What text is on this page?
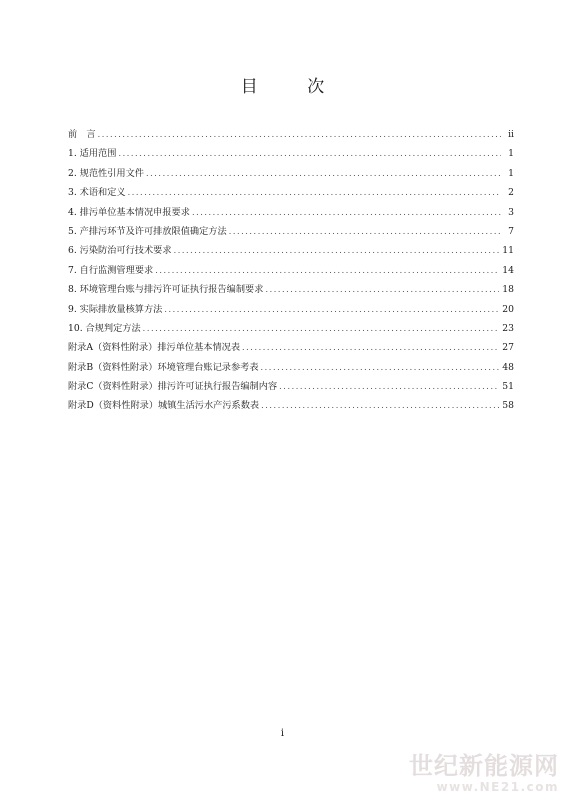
目 次
前　言 .....	ii
1. 适用范围 .....	1
2. 规范性引用文件 .....	1
3. 术语和定义 .....	2
4. 排污单位基本情况申报要求 .....	3
5. 产排污环节及许可排放限值确定方法 .....	7
6. 污染防治可行技术要求 .....	11
7. 自行监测管理要求 .....	14
8. 环境管理台账与排污许可证执行报告编制要求 .....	18
9. 实际排放量核算方法 .....	20
10. 合规判定方法 .....	23
附录A（资料性附录）排污单位基本情况表 .....	27
附录B（资料性附录）环境管理台账记录参考表 .....	48
附录C（资料性附录）排污许可证执行报告编制内容 .....	51
附录D（资料性附录）城镇生活污水产污系数表 .....	58
i
世纪新能源网
www.NE21.com
